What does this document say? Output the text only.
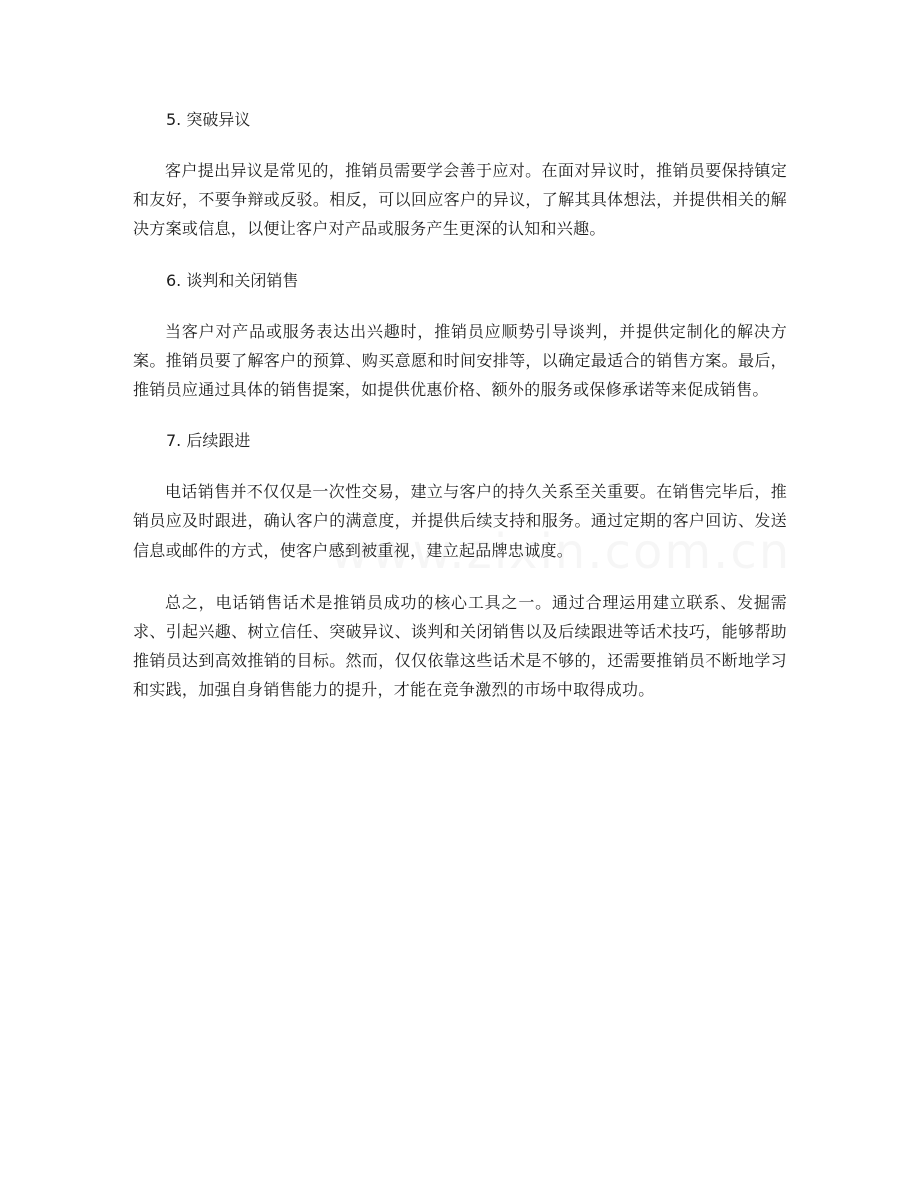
5. 突破异议

客户提出异议是常见的，推销员需要学会善于应对。在面对异议时，推销员要保持镇定和友好，不要争辩或反驳。相反，可以回应客户的异议，了解其具体想法，并提供相关的解决方案或信息，以便让客户对产品或服务产生更深的认知和兴趣。

6. 谈判和关闭销售

当客户对产品或服务表达出兴趣时，推销员应顺势引导谈判，并提供定制化的解决方案。推销员要了解客户的预算、购买意愿和时间安排等，以确定最适合的销售方案。最后，推销员应通过具体的销售提案，如提供优惠价格、额外的服务或保修承诺等来促成销售。

7. 后续跟进

电话销售并不仅仅是一次性交易，建立与客户的持久关系至关重要。在销售完毕后，推销员应及时跟进，确认客户的满意度，并提供后续支持和服务。通过定期的客户回访、发送信息或邮件的方式，使客户感到被重视，建立起品牌忠诚度。

总之，电话销售话术是推销员成功的核心工具之一。通过合理运用建立联系、发掘需求、引起兴趣、树立信任、突破异议、谈判和关闭销售以及后续跟进等话术技巧，能够帮助推销员达到高效推销的目标。然而，仅仅依靠这些话术是不够的，还需要推销员不断地学习和实践，加强自身销售能力的提升，才能在竞争激烈的市场中取得成功。
